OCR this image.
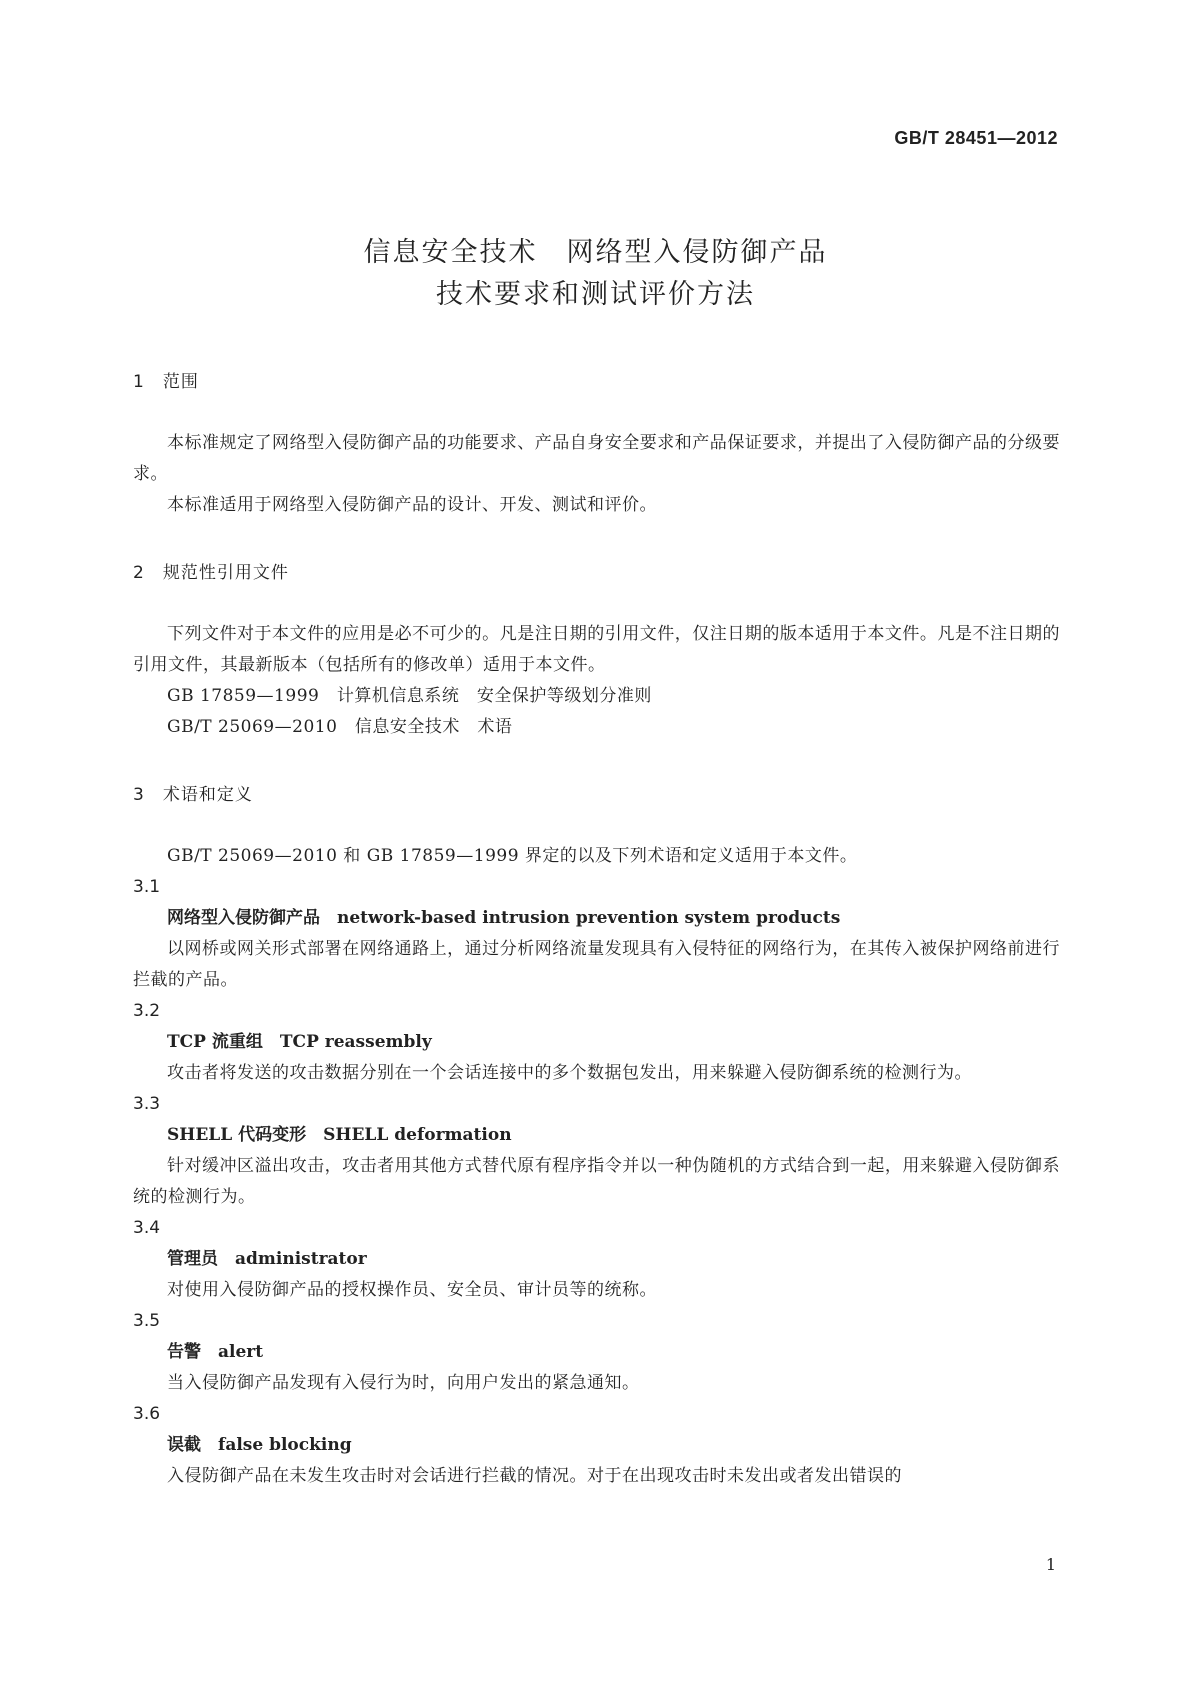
GB/T 28451—2012
信息安全技术　网络型入侵防御产品
技术要求和测试评价方法
1　范围

本标准规定了网络型入侵防御产品的功能要求、产品自身安全要求和产品保证要求，并提出了入侵防御产品的分级要求。

本标准适用于网络型入侵防御产品的设计、开发、测试和评价。

2　规范性引用文件

下列文件对于本文件的应用是必不可少的。凡是注日期的引用文件，仅注日期的版本适用于本文件。凡是不注日期的引用文件，其最新版本（包括所有的修改单）适用于本文件。

GB 17859—1999　计算机信息系统　安全保护等级划分准则
GB/T 25069—2010　信息安全技术　术语
3　术语和定义

GB/T 25069—2010 和 GB 17859—1999 界定的以及下列术语和定义适用于本文件。

3.1
网络型入侵防御产品　network-based intrusion prevention system products

以网桥或网关形式部署在网络通路上，通过分析网络流量发现具有入侵特征的网络行为，在其传入被保护网络前进行拦截的产品。

3.2
TCP 流重组　TCP reassembly

攻击者将发送的攻击数据分别在一个会话连接中的多个数据包发出，用来躲避入侵防御系统的检测行为。

3.3
SHELL 代码变形　SHELL deformation

针对缓冲区溢出攻击，攻击者用其他方式替代原有程序指令并以一种伪随机的方式结合到一起，用来躲避入侵防御系统的检测行为。

3.4
管理员　administrator

对使用入侵防御产品的授权操作员、安全员、审计员等的统称。

3.5
告警　alert

当入侵防御产品发现有入侵行为时，向用户发出的紧急通知。

3.6
误截　false blocking

入侵防御产品在未发生攻击时对会话进行拦截的情况。对于在出现攻击时未发出或者发出错误的

1
